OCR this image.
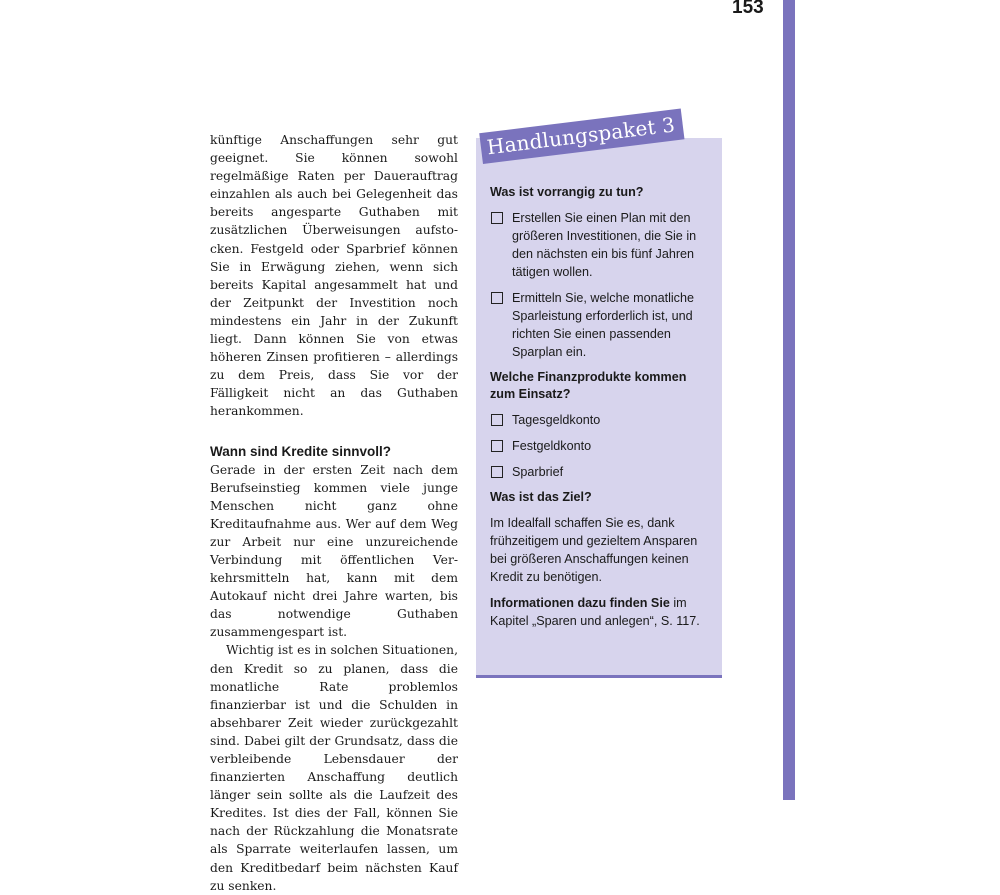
153

künftige Anschaffungen sehr gut geeignet. Sie können sowohl regelmäßige Raten per Dauerauftrag einzahlen als auch bei Gelegenheit das bereits angesparte Guthaben mit zusätzlichen Überweisungen aufstocken. Festgeld oder Sparbrief können Sie in Erwägung ziehen, wenn sich bereits Kapital angesammelt hat und der Zeitpunkt der Investition noch mindestens ein Jahr in der Zukunft liegt. Dann können Sie von etwas höheren Zinsen profitieren – allerdings zu dem Preis, dass Sie vor der Fälligkeit nicht an das Guthaben herankommen.

Wann sind Kredite sinnvoll?

Gerade in der ersten Zeit nach dem Berufseinstieg kommen viele junge Menschen nicht ganz ohne Kreditaufnahme aus. Wer auf dem Weg zur Arbeit nur eine unzureichende Verbindung mit öffentlichen Verkehrsmitteln hat, kann mit dem Autokauf nicht drei Jahre warten, bis das notwendige Guthaben zusammengespart ist.

Wichtig ist es in solchen Situationen, den Kredit so zu planen, dass die monatliche Rate problemlos finanzierbar ist und die Schulden in absehbarer Zeit wieder zurückgezahlt sind. Dabei gilt der Grundsatz, dass die verbleibende Lebensdauer der finanzierten Anschaffung deutlich länger sein sollte als die Laufzeit des Kredites. Ist dies der Fall, können Sie nach der Rückzahlung die Monatsrate als Sparrate weiterlaufen lassen, um den Kreditbedarf beim nächsten Kauf zu senken.

Handlungspaket 3
Was ist vorrangig zu tun?
Erstellen Sie einen Plan mit den größeren Investitionen, die Sie in den nächsten ein bis fünf Jahren tätigen wollen.
Ermitteln Sie, welche monatliche Sparleistung erforderlich ist, und richten Sie einen passenden Sparplan ein.
Welche Finanzprodukte kommen zum Einsatz?
Tagesgeldkonto
Festgeldkonto
Sparbrief
Was ist das Ziel?

Im Idealfall schaffen Sie es, dank frühzeitigem und gezieltem Ansparen bei größeren Anschaffungen keinen Kredit zu benötigen.

Informationen dazu finden Sie im Kapitel „Sparen und anlegen“, S. 117.
